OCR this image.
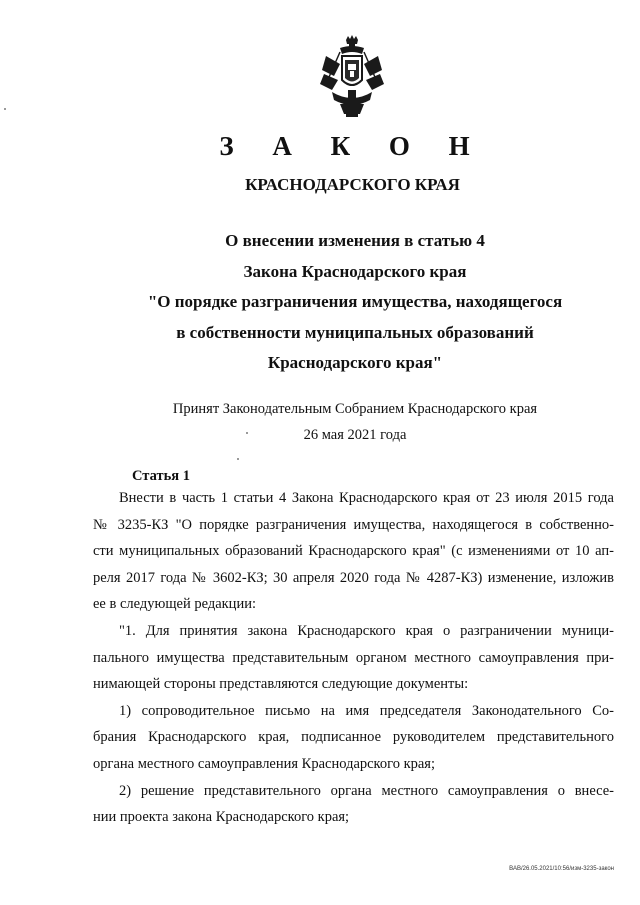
З А К О Н
КРАСНОДАРСКОГО КРАЯ
О внесении изменения в статью 4
Закона Краснодарского края
"О порядке разграничения имущества, находящегося
в собственности муниципальных образований
Краснодарского края"
Принят Законодательным Собранием Краснодарского края
26 мая 2021 года
Статья 1
Внести в часть 1 статьи 4 Закона Краснодарского края от 23 июля 2015 года
№ 3235-КЗ "О порядке разграничения имущества, находящегося в собственно-
сти муниципальных образований Краснодарского края" (с изменениями от 10 ап-
реля 2017 года № 3602-КЗ; 30 апреля 2020 года № 4287-КЗ) изменение, изложив
ее в следующей редакции:
"1. Для принятия закона Краснодарского края о разграничении муници-
пального имущества представительным органом местного самоуправления при-
нимающей стороны представляются следующие документы:
1) сопроводительное письмо на имя председателя Законодательного Со-
брания Краснодарского края, подписанное руководителем представительного
органа местного самоуправления Краснодарского края;
2) решение представительного органа местного самоуправления о внесе-
нии проекта закона Краснодарского края;
ВАВ/26.05.2021/10:56/изм-3235-закон
